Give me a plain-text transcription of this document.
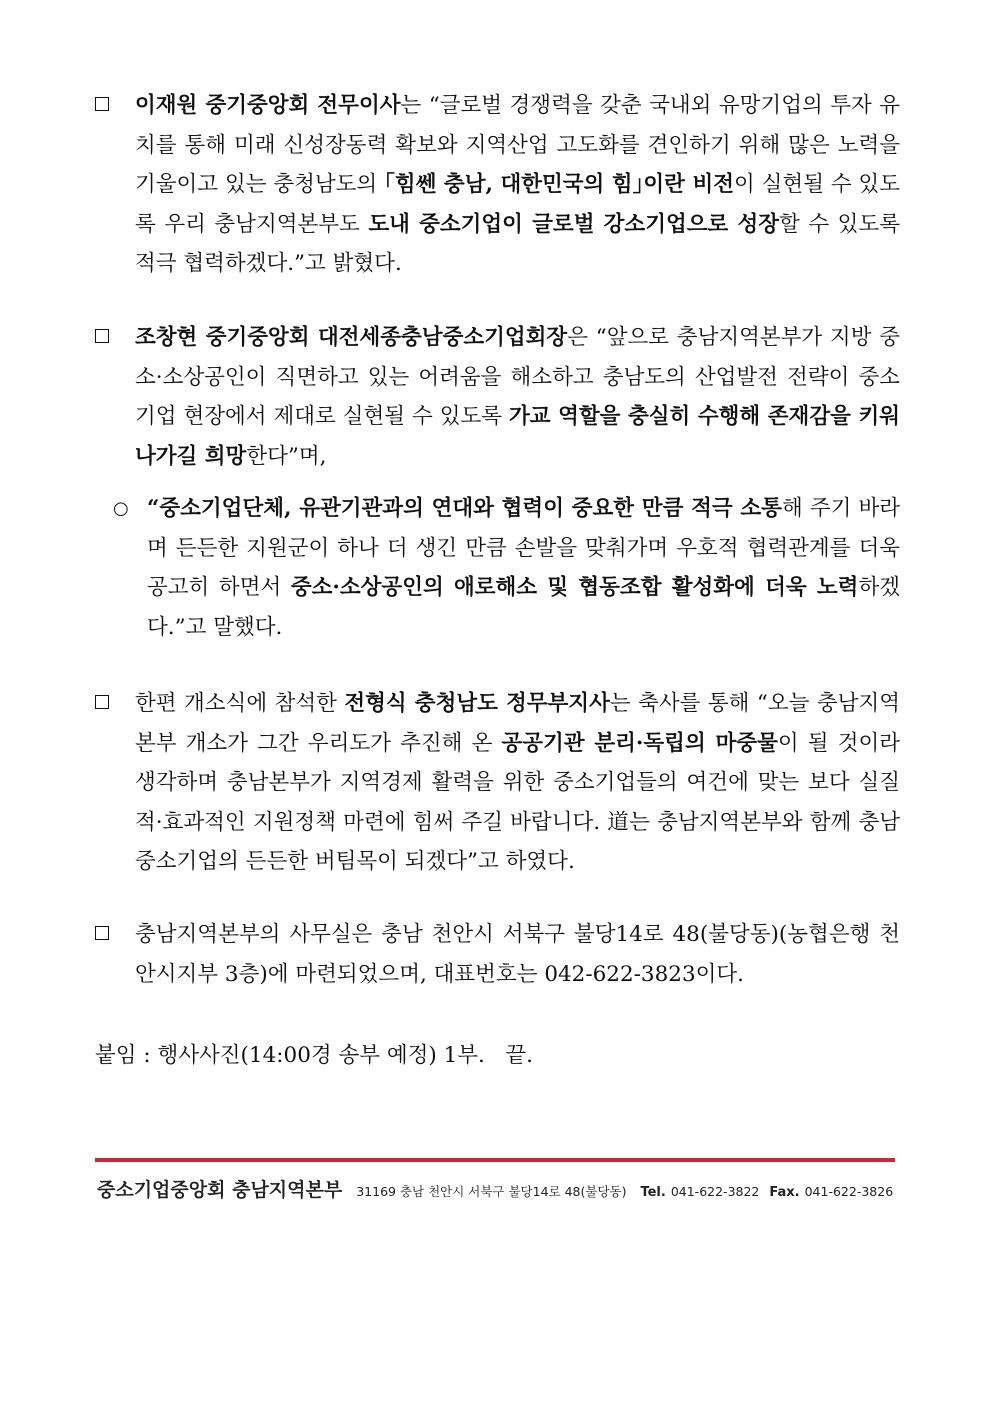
이재원 중기중앙회 전무이사는 “글로벌 경쟁력을 갖춘 국내외 유망기업의 투자 유치를 통해 미래 신성장동력 확보와 지역산업 고도화를 견인하기 위해 많은 노력을 기울이고 있는 충청남도의 ｢힘쎈 충남, 대한민국의 힘｣이란 비전이 실현될 수 있도록 우리 충남지역본부도 도내 중소기업이 글로벌 강소기업으로 성장할 수 있도록 적극 협력하겠다.”고 밝혔다.
조창현 중기중앙회 대전세종충남중소기업회장은 “앞으로 충남지역본부가 지방 중소·소상공인이 직면하고 있는 어려움을 해소하고 충남도의 산업발전 전략이 중소기업 현장에서 제대로 실현될 수 있도록 가교 역할을 충실히 수행해 존재감을 키워나가길 희망한다”며,
○ “중소기업단체, 유관기관과의 연대와 협력이 중요한 만큼 적극 소통해 주기 바라며 든든한 지원군이 하나 더 생긴 만큼 손발을 맞춰가며 우호적 협력관계를 더욱 공고히 하면서 중소·소상공인의 애로해소 및 협동조합 활성화에 더욱 노력하겠다.”고 말했다.
한편 개소식에 참석한 전형식 충청남도 정무부지사는 축사를 통해 “오늘 충남지역본부 개소가 그간 우리도가 추진해 온 공공기관 분리·독립의 마중물이 될 것이라 생각하며 충남본부가 지역경제 활력을 위한 중소기업들의 여건에 맞는 보다 실질적·효과적인 지원정책 마련에 힘써 주길 바랍니다. 道는 충남지역본부와 함께 충남 중소기업의 든든한 버팀목이 되겠다”고 하였다.
충남지역본부의 사무실은 충남 천안시 서북구 불당14로 48(불당동)(농협은행 천안시지부 3층)에 마련되었으며, 대표번호는 042-622-3823이다.
붙임 : 행사사진(14:00경 송부 예정) 1부.   끝.
중소기업중앙회 충남지역본부 31169 충남 천안시 서북구 불당14로 48(불당동) Tel. 041-622-3822 Fax. 041-622-3826
